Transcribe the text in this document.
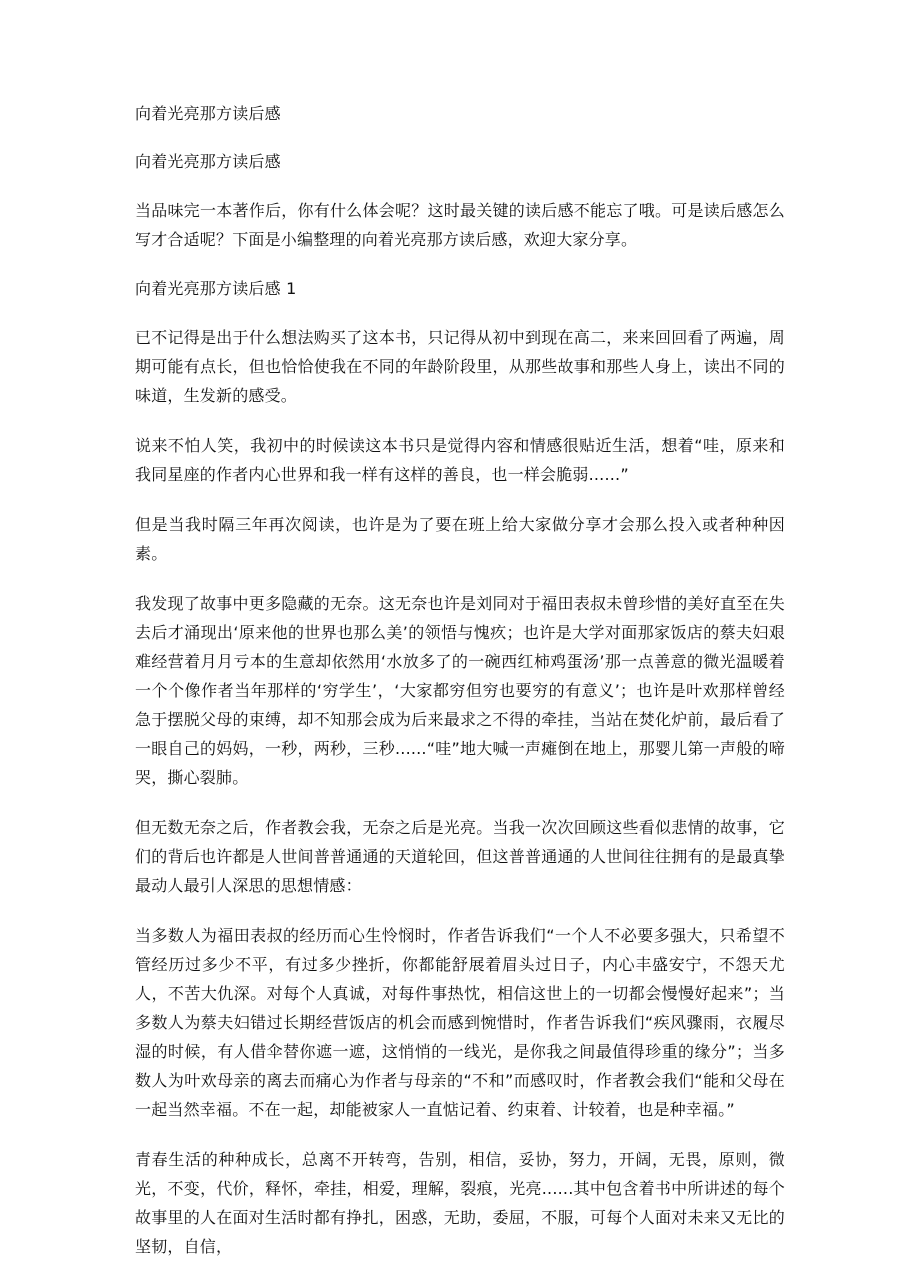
向着光亮那方读后感
向着光亮那方读后感

当品味完一本著作后，你有什么体会呢？这时最关键的读后感不能忘了哦。可是读后感怎么写才合适呢？下面是小编整理的向着光亮那方读后感，欢迎大家分享。

向着光亮那方读后感 1

已不记得是出于什么想法购买了这本书，只记得从初中到现在高二，来来回回看了两遍，周期可能有点长，但也恰恰使我在不同的年龄阶段里，从那些故事和那些人身上，读出不同的味道，生发新的感受。

说来不怕人笑，我初中的时候读这本书只是觉得内容和情感很贴近生活，想着“哇，原来和我同星座的作者内心世界和我一样有这样的善良，也一样会脆弱......”

但是当我时隔三年再次阅读，也许是为了要在班上给大家做分享才会那么投入或者种种因素。

我发现了故事中更多隐藏的无奈。这无奈也许是刘同对于福田表叔未曾珍惜的美好直至在失去后才涌现出‘原来他的世界也那么美’的领悟与愧疚；也许是大学对面那家饭店的蔡夫妇艰难经营着月月亏本的生意却依然用‘水放多了的一碗西红柿鸡蛋汤’那一点善意的微光温暖着一个个像作者当年那样的‘穷学生’，‘大家都穷但穷也要穷的有意义’；也许是叶欢那样曾经急于摆脱父母的束缚，却不知那会成为后来最求之不得的牵挂，当站在焚化炉前，最后看了一眼自己的妈妈，一秒，两秒，三秒......“哇”地大喊一声瘫倒在地上，那婴儿第一声般的啼哭，撕心裂肺。

但无数无奈之后，作者教会我，无奈之后是光亮。当我一次次回顾这些看似悲情的故事，它们的背后也许都是人世间普普通通的天道轮回，但这普普通通的人世间往往拥有的是最真挚最动人最引人深思的思想情感：

当多数人为福田表叔的经历而心生怜悯时，作者告诉我们“一个人不必要多强大，只希望不管经历过多少不平，有过多少挫折，你都能舒展着眉头过日子，内心丰盛安宁，不怨天尤人，不苦大仇深。对每个人真诚，对每件事热忱，相信这世上的一切都会慢慢好起来”；当多数人为蔡夫妇错过长期经营饭店的机会而感到惋惜时，作者告诉我们“疾风骤雨，衣履尽湿的时候，有人借伞替你遮一遮，这悄悄的一线光，是你我之间最值得珍重的缘分”；当多数人为叶欢母亲的离去而痛心为作者与母亲的“不和”而感叹时，作者教会我们“能和父母在一起当然幸福。不在一起，却能被家人一直惦记着、约束着、计较着，也是种幸福。”

青春生活的种种成长，总离不开转弯，告别，相信，妥协，努力，开阔，无畏，原则，微光，不变，代价，释怀，牵挂，相爱，理解，裂痕，光亮......其中包含着书中所讲述的每个故事里的人在面对生活时都有挣扎，困惑，无助，委屈，不服，可每个人面对未来又无比的坚韧，自信，
